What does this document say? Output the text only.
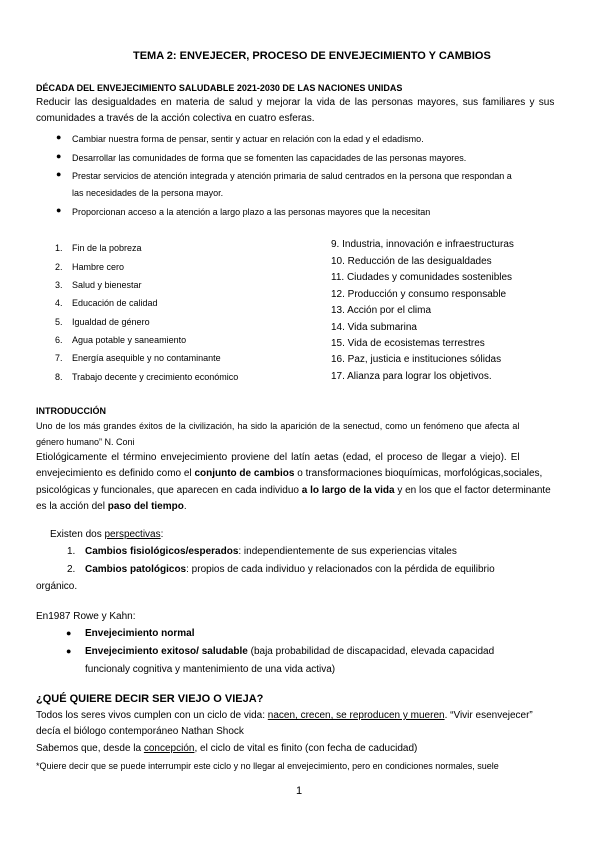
TEMA 2: ENVEJECER, PROCESO DE ENVEJECIMIENTO Y CAMBIOS
DÉCADA DEL ENVEJECIMIENTO SALUDABLE 2021-2030 DE LAS NACIONES UNIDAS
Reducir las desigualdades en materia de salud y mejorar la vida de las personas mayores, sus familiares y sus
comunidades a través de la acción colectiva en cuatro esferas.
● Cambiar nuestra forma de pensar, sentir y actuar en relación con la edad y el edadismo.
● Desarrollar las comunidades de forma que se fomenten las capacidades de las personas mayores.
● Prestar servicios de atención integrada y atención primaria de salud centrados en la persona que respondan a
las necesidades de la persona mayor.
● Proporcionan acceso a la atención a largo plazo a las personas mayores que la necesitan
1. Fin de la pobreza
2. Hambre cero
3. Salud y bienestar
4. Educación de calidad
5. Igualdad de género
6. Agua potable y saneamiento
7. Energía asequible y no contaminante
8. Trabajo decente y crecimiento económico
9. Industria, innovación e infraestructuras
10. Reducción de las desigualdades
11. Ciudades y comunidades sostenibles
12. Producción y consumo responsable
13. Acción por el clima
14. Vida submarina
15. Vida de ecosistemas terrestres
16. Paz, justicia e instituciones sólidas
17. Alianza para lograr los objetivos.
INTRODUCCIÓN
Uno de los más grandes éxitos de la civilización, ha sido la aparición de la senectud, como un fenómeno que afecta al
género humano” N. Coni
Etiológicamente el término envejecimiento proviene del latín aetas (edad, el proceso de llegar a viejo). El
envejecimiento es definido como el conjunto de cambios o transformaciones bioquímicas, morfológicas,sociales,
psicológicas y funcionales, que aparecen en cada individuo a lo largo de la vida y en los que el factor determinante
es la acción del paso del tiempo.
Existen dos perspectivas:
1. Cambios fisiológicos/esperados: independientemente de sus experiencias vitales
2. Cambios patológicos: propios de cada individuo y relacionados con la pérdida de equilibrio
orgánico.
En1987 Rowe y Kahn:
● Envejecimiento normal
● Envejecimiento exitoso/ saludable (baja probabilidad de discapacidad, elevada capacidad
funcionaly cognitiva y mantenimiento de una vida activa)
¿QUÉ QUIERE DECIR SER VIEJO O VIEJA?
Todos los seres vivos cumplen con un ciclo de vida: nacen, crecen, se reproducen y mueren. “Vivir esenvejecer”
decía el biólogo contemporáneo Nathan Shock
Sabemos que, desde la concepción, el ciclo de vital es finito (con fecha de caducidad)
*Quiere decir que se puede interrumpir este ciclo y no llegar al envejecimiento, pero en condiciones normales, suele
1
